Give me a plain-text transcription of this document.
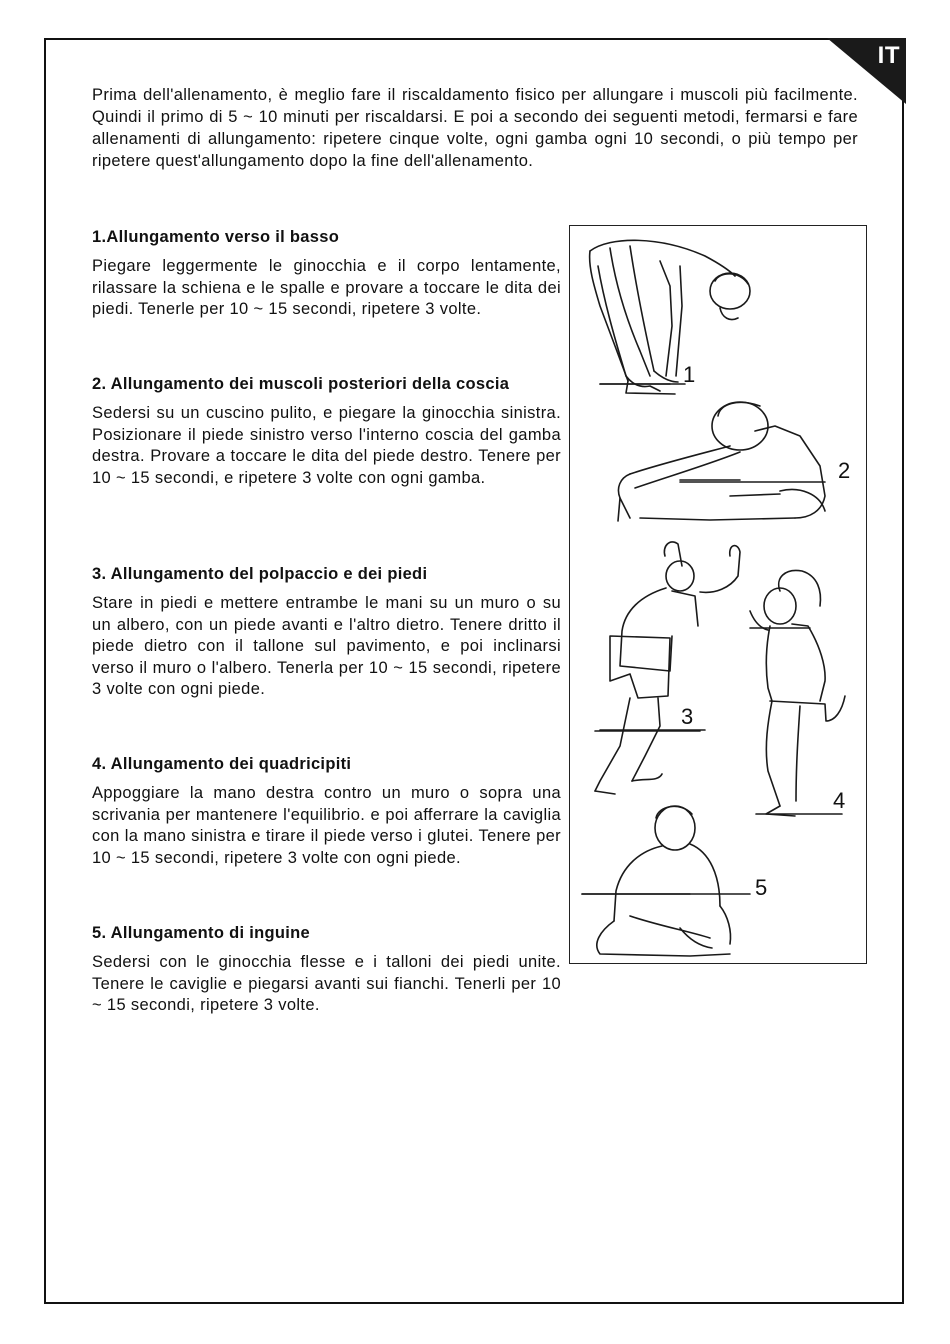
IT

Prima dell'allenamento, è meglio fare il riscaldamento fisico per allungare i muscoli più facilmente. Quindi il primo di 5 ~ 10 minuti per riscaldarsi. E poi a secondo dei seguenti metodi, fermarsi e fare allenamenti di allungamento: ripetere cinque volte, ogni gamba ogni 10 secondi, o più tempo per ripetere quest'allungamento dopo la fine dell'allenamento.

1.Allungamento verso il basso

Piegare leggermente le ginocchia e il corpo lentamente, rilassare la schiena e le spalle e provare a toccare le dita dei piedi. Tenerle per 10 ~ 15 secondi, ripetere 3 volte.

2. Allungamento dei muscoli posteriori della coscia

Sedersi su un cuscino pulito, e piegare la ginocchia sinistra. Posizionare il piede sinistro verso l'interno coscia del gamba destra. Provare a toccare le dita del piede destro. Tenere per 10 ~ 15 secondi, e ripetere 3 volte con ogni gamba.

3. Allungamento del polpaccio e dei piedi

Stare in piedi e mettere entrambe le mani su un muro o su un albero, con un piede avanti e l'altro dietro. Tenere dritto il piede dietro con il tallone sul pavimento, e poi inclinarsi verso il muro o l'albero. Tenerla per 10 ~ 15 secondi, ripetere 3 volte con ogni piede.

4. Allungamento dei quadricipiti

Appoggiare la mano destra contro un muro o sopra una scrivania per mantenere l'equilibrio. e poi afferrare la caviglia con la mano sinistra e tirare il piede verso i glutei. Tenere per 10 ~ 15 secondi, ripetere 3 volte con ogni piede.

5. Allungamento di inguine

Sedersi con le ginocchia flesse e i talloni dei piedi unite. Tenere le caviglie e piegarsi avanti sui fianchi. Tenerli per 10 ~ 15 secondi, ripetere 3 volte.

1
2
3
4
5
